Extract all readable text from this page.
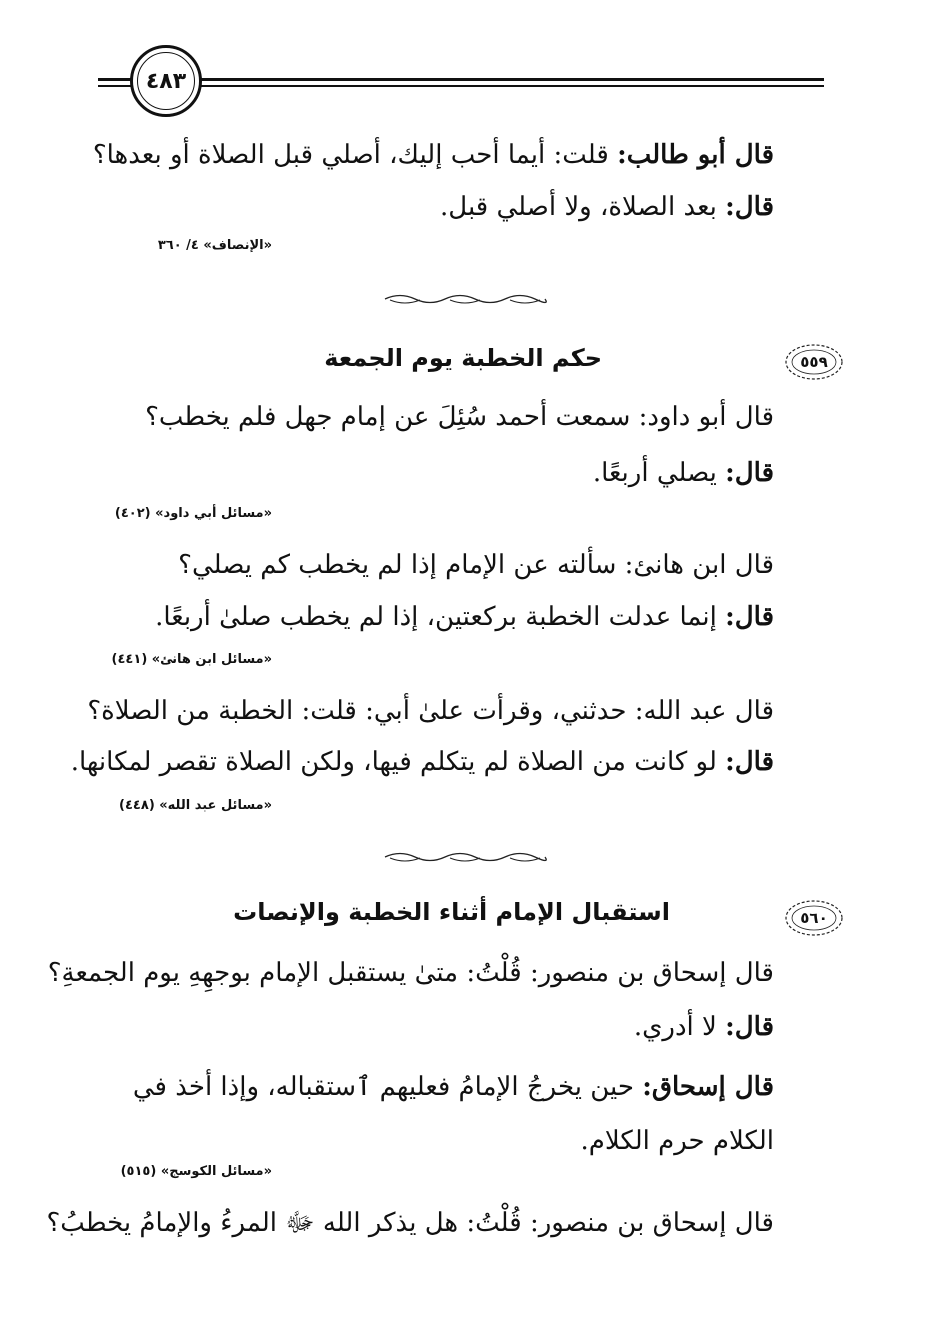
٤٨٣
قال أبو طالب: قلت: أيما أحب إليك، أصلي قبل الصلاة أو بعدها؟
قال: بعد الصلاة، ولا أصلي قبل.
«الإنصاف» ٤/ ٣٦٠
٥٥٩
حكم الخطبة يوم الجمعة
قال أبو داود: سمعت أحمد سُئِلَ عن إمام جهل فلم يخطب؟
قال: يصلي أربعًا.
«مسائل أبي داود» (٤٠٢)
قال ابن هانئ: سألته عن الإمام إذا لم يخطب كم يصلي؟
قال: إنما عدلت الخطبة بركعتين، إذا لم يخطب صلىٰ أربعًا.
«مسائل ابن هانئ» (٤٤١)
قال عبد الله: حدثني، وقرأت علىٰ أبي: قلت: الخطبة من الصلاة؟
قال: لو كانت من الصلاة لم يتكلم فيها، ولكن الصلاة تقصر لمكانها.
«مسائل عبد الله» (٤٤٨)
٥٦٠
استقبال الإمام أثناء الخطبة والإنصات
قال إسحاق بن منصور: قُلْتُ: متىٰ يستقبل الإمام بوجهِهِ يوم الجمعةِ؟
قال: لا أدري.
قال إسحاق: حين يخرجُ الإمامُ فعليهم ٱستقباله، وإذا أخذ في الكلام حرم الكلام.
«مسائل الكوسج» (٥١٥)
قال إسحاق بن منصور: قُلْتُ: هل يذكر الله ﷻ المرءُ والإمامُ يخطبُ؟
